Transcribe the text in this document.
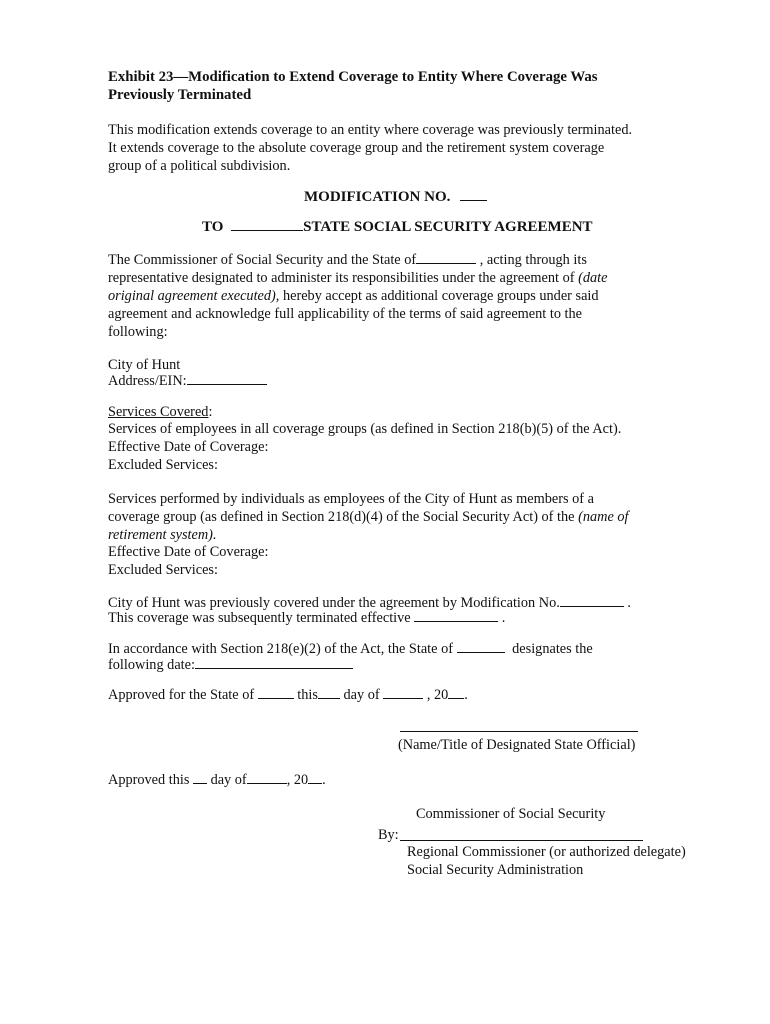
Exhibit 23—Modification to Extend Coverage to Entity Where Coverage Was
Previously Terminated
This modification extends coverage to an entity where coverage was previously terminated.
It extends coverage to the absolute coverage group and the retirement system coverage
group of a political subdivision.
MODIFICATION NO.
TO	STATE SOCIAL SECURITY AGREEMENT
The Commissioner of Social Security and the State of	, acting through its
representative designated to administer its responsibilities under the agreement of (date
original agreement executed), hereby accept as additional coverage groups under said
agreement and acknowledge full applicability of the terms of said agreement to the
following:
City of Hunt
Address/EIN:
Services Covered:
Services of employees in all coverage groups (as defined in Section 218(b)(5) of the Act).
Effective Date of Coverage:
Excluded Services:
Services performed by individuals as employees of the City of Hunt as members of a
coverage group (as defined in Section 218(d)(4) of the Social Security Act) of the (name of
retirement system).
Effective Date of Coverage:
Excluded Services:
City of Hunt was previously covered under the agreement by Modification No.	.
This coverage was subsequently terminated effective	.
In accordance with Section 218(e)(2) of the Act, the State of	designates the
following date:
Approved for the State of	this day of	, 20 .
(Name/Title of Designated State Official)
Approved this day of	, 20 .
Commissioner of Social Security
By:
Regional Commissioner (or authorized delegate)
Social Security Administration
